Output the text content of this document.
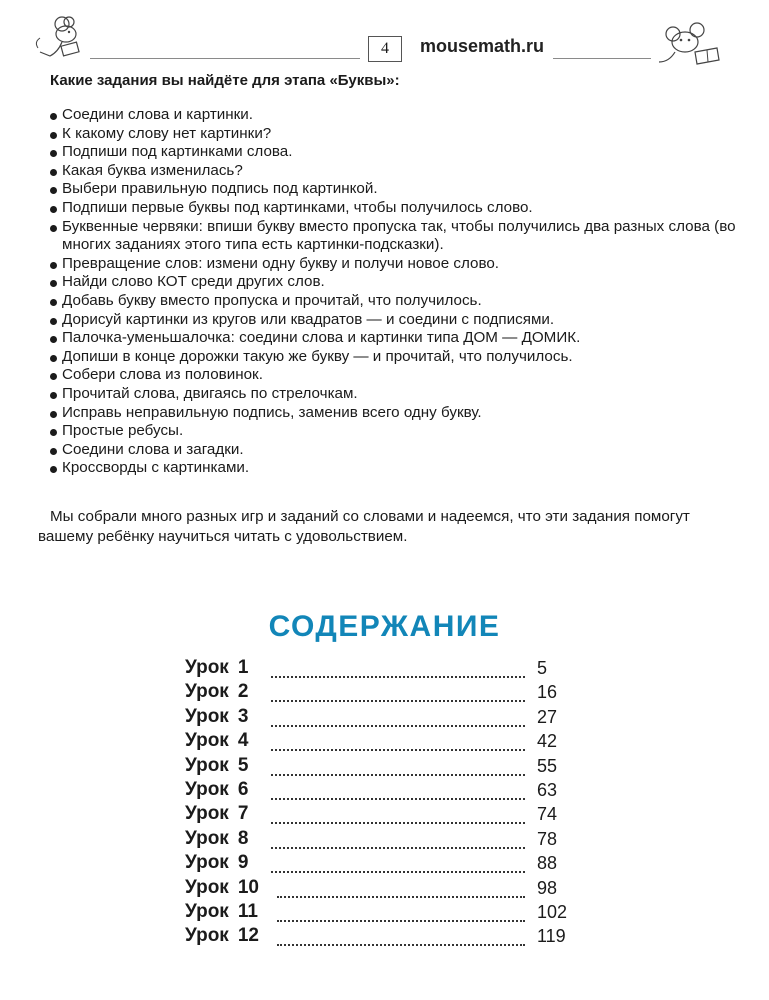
4	mousemath.ru
Какие задания вы найдёте для этапа «Буквы»:
Соедини слова и картинки.
К какому слову нет картинки?
Подпиши под картинками слова.
Какая буква изменилась?
Выбери правильную подпись под картинкой.
Подпиши первые буквы под картинками, чтобы получилось слово.
Буквенные червяки: впиши букву вместо пропуска так, чтобы получились два разных слова (во многих заданиях этого типа есть картинки-подсказки).
Превращение слов: измени одну букву и получи новое слово.
Найди слово КОТ среди других слов.
Добавь букву вместо пропуска и прочитай, что получилось.
Дорисуй картинки из кругов или квадратов — и соедини с подписями.
Палочка-уменьшалочка: соедини слова и картинки типа ДОМ — ДОМИК.
Допиши в конце дорожки такую же букву — и прочитай, что получилось.
Собери слова из половинок.
Прочитай слова, двигаясь по стрелочкам.
Исправь неправильную подпись, заменив всего одну букву.
Простые ребусы.
Соедини слова и загадки.
Кроссворды с картинками.
Мы собрали много разных игр и заданий со словами и надеемся, что эти задания помогут вашему ребёнку научиться читать с удовольствием.
СОДЕРЖАНИЕ
Урок 1	5
Урок 2	16
Урок 3	27
Урок 4	42
Урок 5	55
Урок 6	63
Урок 7	74
Урок 8	78
Урок 9	88
Урок 10	98
Урок 11	102
Урок 12	119
